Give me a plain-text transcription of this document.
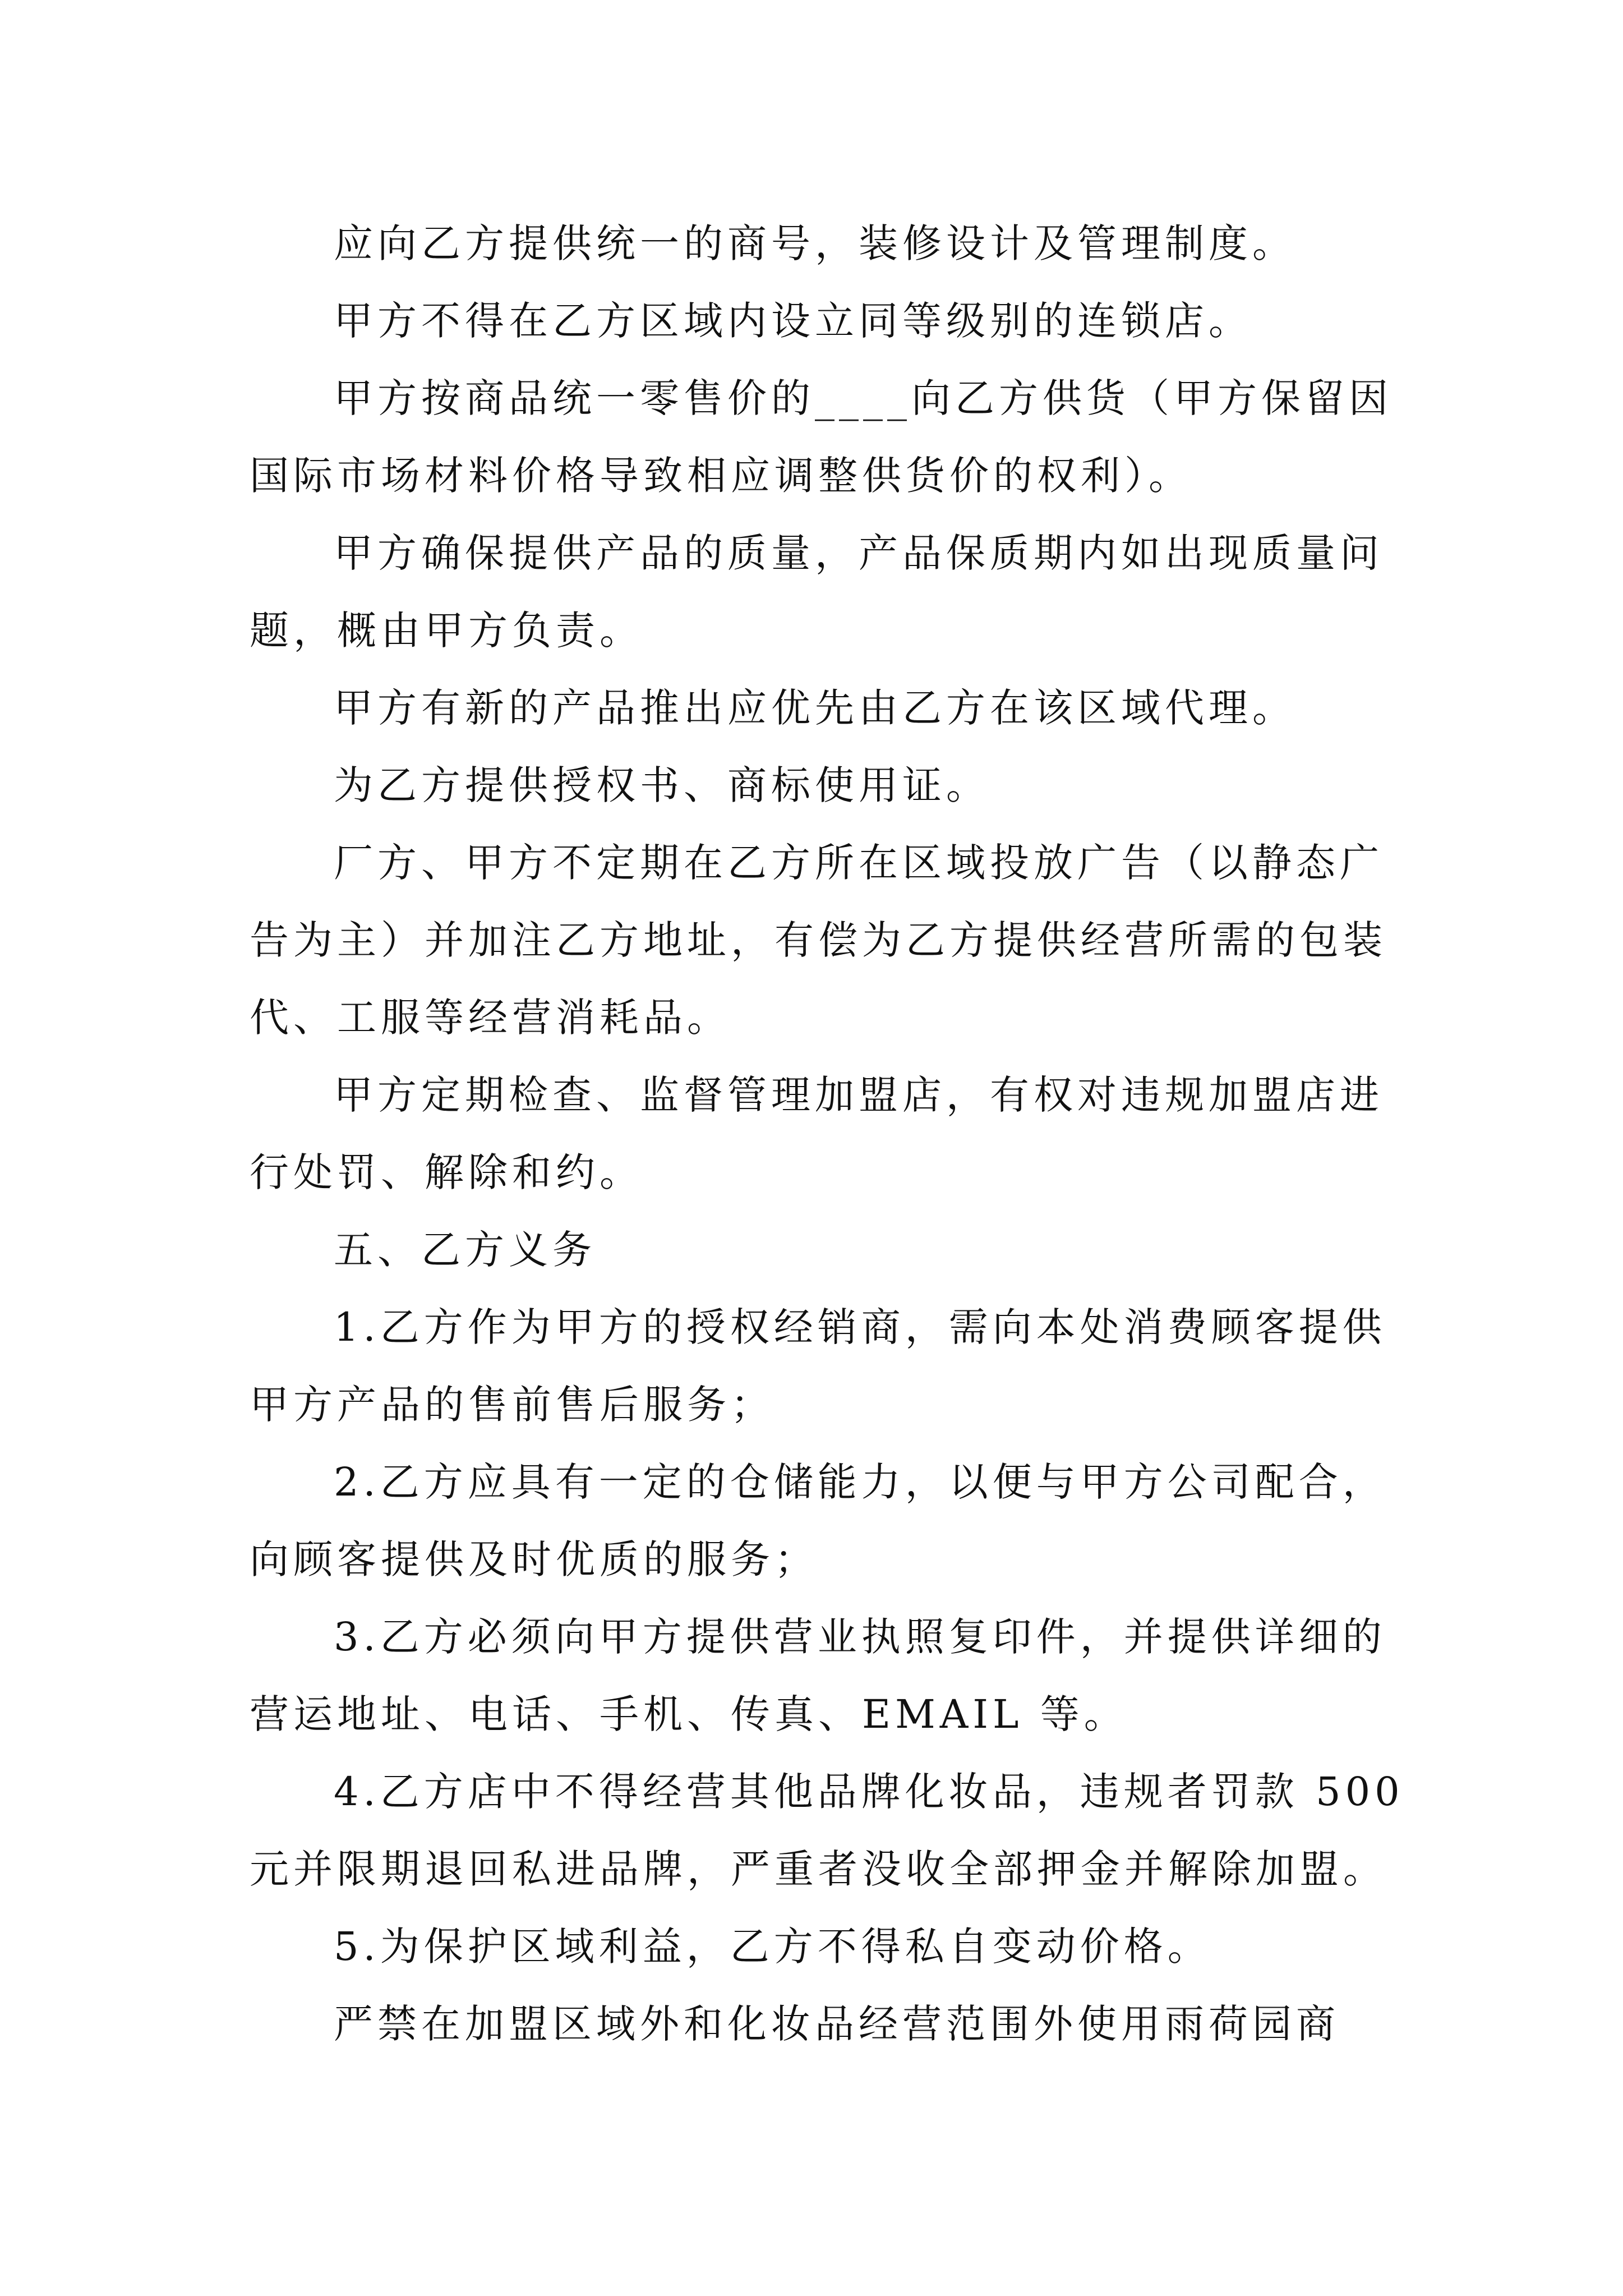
应向乙方提供统一的商号，装修设计及管理制度。
甲方不得在乙方区域内设立同等级别的连锁店。
甲方按商品统一零售价的____向乙方供货（甲方保留因
国际市场材料价格导致相应调整供货价的权利）。
甲方确保提供产品的质量，产品保质期内如出现质量问
题，概由甲方负责。
甲方有新的产品推出应优先由乙方在该区域代理。
为乙方提供授权书、商标使用证。
厂方、甲方不定期在乙方所在区域投放广告（以静态广
告为主）并加注乙方地址，有偿为乙方提供经营所需的包装
代、工服等经营消耗品。
甲方定期检查、监督管理加盟店，有权对违规加盟店进
行处罚、解除和约。
五、乙方义务
1.乙方作为甲方的授权经销商，需向本处消费顾客提供
甲方产品的售前售后服务；
2.乙方应具有一定的仓储能力，以便与甲方公司配合，
向顾客提供及时优质的服务；
3.乙方必须向甲方提供营业执照复印件，并提供详细的
营运地址、电话、手机、传真、EMAIL 等。
4.乙方店中不得经营其他品牌化妆品，违规者罚款 500
元并限期退回私进品牌，严重者没收全部押金并解除加盟。
5.为保护区域利益，乙方不得私自变动价格。
严禁在加盟区域外和化妆品经营范围外使用雨荷园商
